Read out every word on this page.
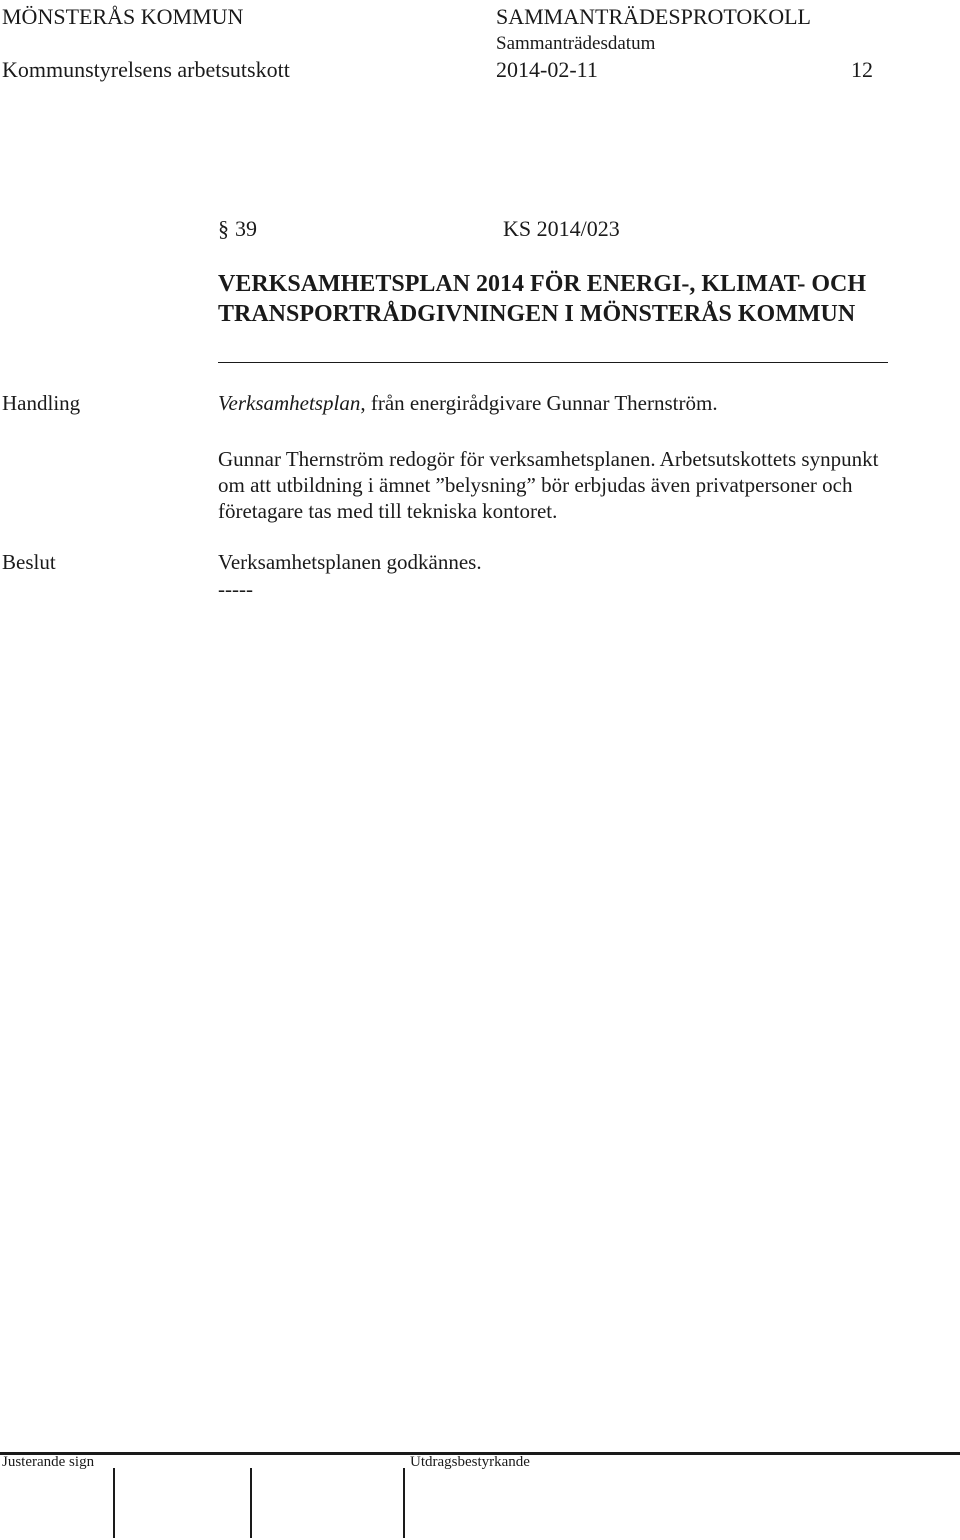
MÖNSTERÅS KOMMUN	SAMMANTRÄDESPROTOKOLL
Sammanträdesdatum
Kommunstyrelsens arbetsutskott	2014-02-11	12
§ 39	KS 2014/023
VERKSAMHETSPLAN 2014 FÖR ENERGI-, KLIMAT- OCH TRANSPORTRÅDGIVNINGEN I MÖNSTERÅS KOMMUN
Handling	Verksamhetsplan, från energirådgivare Gunnar Thernström.
Gunnar Thernström redogör för verksamhetsplanen. Arbetsutskottets synpunkt om att utbildning i ämnet ”belysning” bör erbjudas även privatpersoner och företagare tas med till tekniska kontoret.
Beslut	Verksamhetsplanen godkännes.
-----
Justerande sign	Utdragsbestyrkande
